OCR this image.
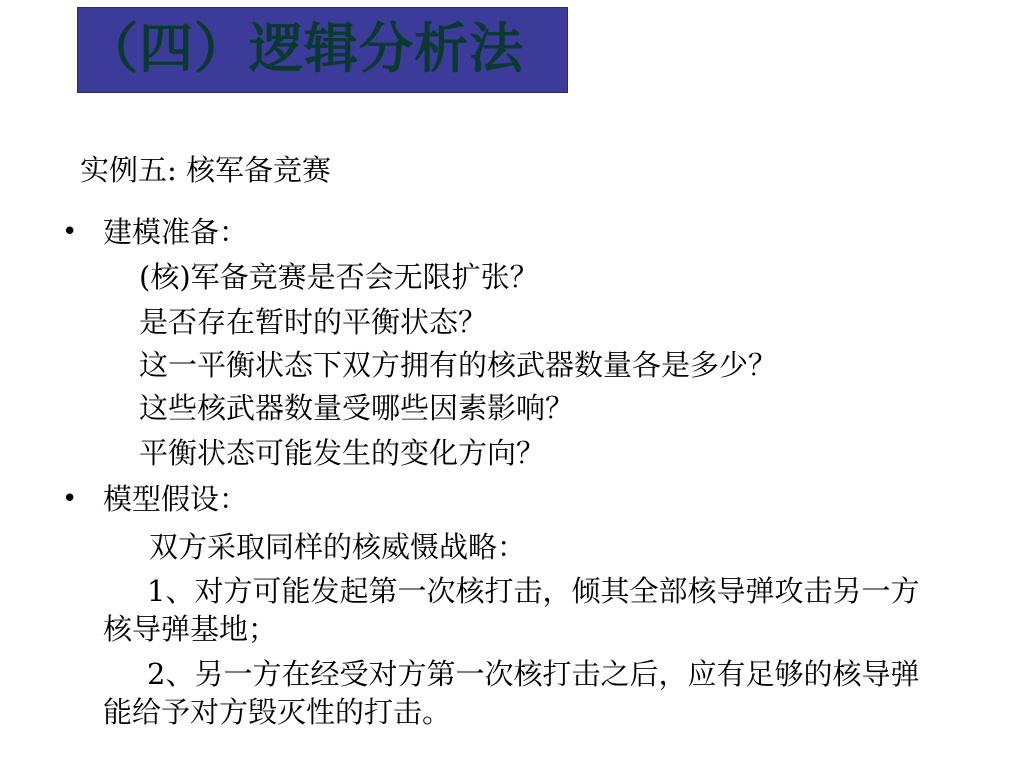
（四）逻辑分析法
实例五: 核军备竞赛
• 建模准备：
(核)军备竞赛是否会无限扩张？
是否存在暂时的平衡状态？
这一平衡状态下双方拥有的核武器数量各是多少？
这些核武器数量受哪些因素影响？
平衡状态可能发生的变化方向？
• 模型假设：
双方采取同样的核威慑战略：
1、对方可能发起第一次核打击，倾其全部核导弹攻击另一方核导弹基地；
2、另一方在经受对方第一次核打击之后，应有足够的核导弹能给予对方毁灭性的打击。
